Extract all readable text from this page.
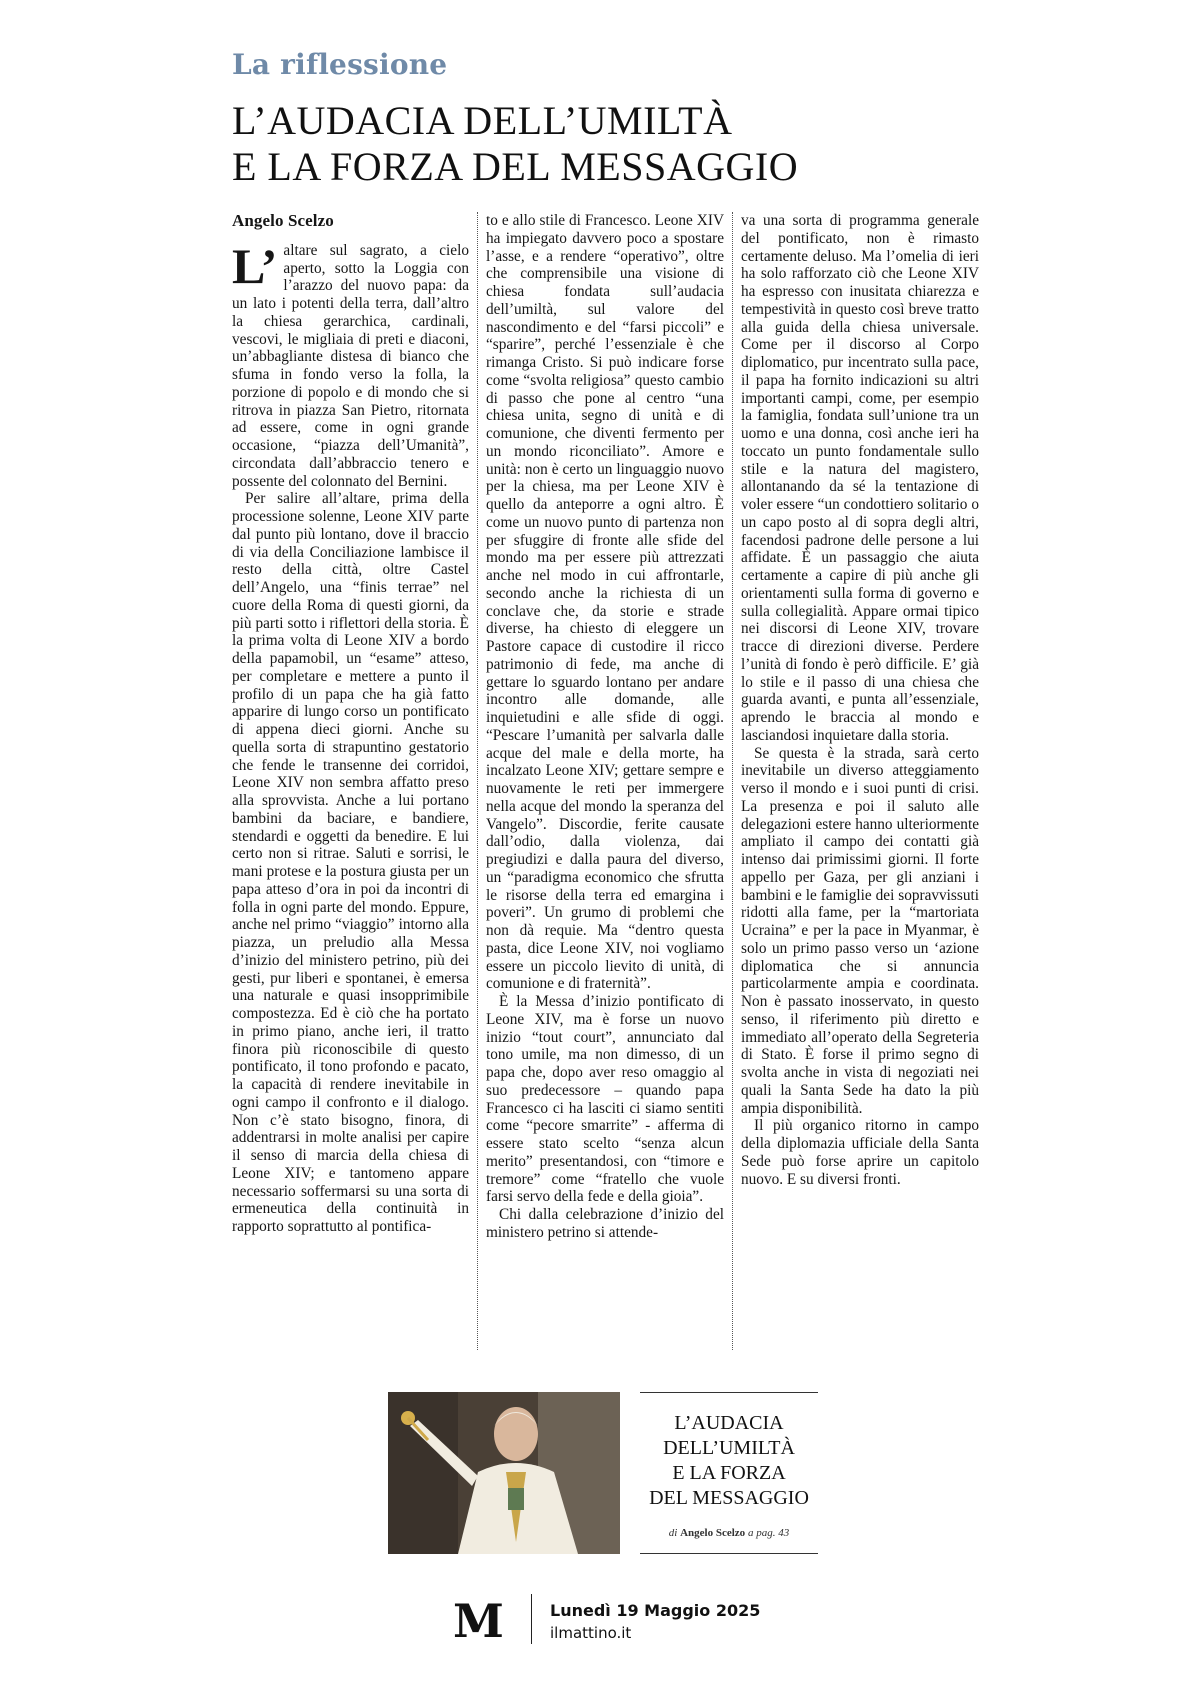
La riflessione
L’AUDACIA DELL’UMILTÀ
E LA FORZA DEL MESSAGGIO
Angelo Scelzo

L’ altare sul sagrato, a cielo aperto, sotto la Loggia con l’arazzo del nuovo papa: da un lato i potenti della terra, dall’altro la chiesa gerarchica, cardinali, vescovi, le migliaia di preti e diaconi, un’abbagliante distesa di bianco che sfuma in fondo verso la folla, la porzione di popolo e di mondo che si ritrova in piazza San Pietro, ritornata ad essere, come in ogni grande occasione, “piazza dell’Umanità”, circondata dall’abbraccio tenero e possente del colonnato del Bernini.

Per salire all’altare, prima della processione solenne, Leone XIV parte dal punto più lontano, dove il braccio di via della Conciliazione lambisce il resto della città, oltre Castel dell’Angelo, una “finis terrae” nel cuore della Roma di questi giorni, da più parti sotto i riflettori della storia. È la prima volta di Leone XIV a bordo della papamobil, un “esame” atteso, per completare e mettere a punto il profilo di un papa che ha già fatto apparire di lungo corso un pontificato di appena dieci giorni. Anche su quella sorta di strapuntino gestatorio che fende le transenne dei corridoi, Leone XIV non sembra affatto preso alla sprovvista. Anche a lui portano bambini da baciare, e bandiere, stendardi e oggetti da benedire. E lui certo non si ritrae. Saluti e sorrisi, le mani protese e la postura giusta per un papa atteso d’ora in poi da incontri di folla in ogni parte del mondo. Eppure, anche nel primo “viaggio” intorno alla piazza, un preludio alla Messa d’inizio del ministero petrino, più dei gesti, pur liberi e spontanei, è emersa una naturale e quasi insopprimibile compostezza. Ed è ciò che ha portato in primo piano, anche ieri, il tratto finora più riconoscibile di questo pontificato, il tono profondo e pacato, la capacità di rendere inevitabile in ogni campo il confronto e il dialogo. Non c’è stato bisogno, finora, di addentrarsi in molte analisi per capire il senso di marcia della chiesa di Leone XIV; e tantomeno appare necessario soffermarsi su una sorta di ermeneutica della continuità in rapporto soprattutto al pontifica-

to e allo stile di Francesco. Leone XIV ha impiegato davvero poco a spostare l’asse, e a rendere “operativo”, oltre che comprensibile una visione di chiesa fondata sull’audacia dell’umiltà, sul valore del nascondimento e del “farsi piccoli” e “sparire”, perché l’essenziale è che rimanga Cristo. Si può indicare forse come “svolta religiosa” questo cambio di passo che pone al centro “una chiesa unita, segno di unità e di comunione, che diventi fermento per un mondo riconciliato”. Amore e unità: non è certo un linguaggio nuovo per la chiesa, ma per Leone XIV è quello da anteporre a ogni altro. È come un nuovo punto di partenza non per sfuggire di fronte alle sfide del mondo ma per essere più attrezzati anche nel modo in cui affrontarle, secondo anche la richiesta di un conclave che, da storie e strade diverse, ha chiesto di eleggere un Pastore capace di custodire il ricco patrimonio di fede, ma anche di gettare lo sguardo lontano per andare incontro alle domande, alle inquietudini e alle sfide di oggi. “Pescare l’umanità per salvarla dalle acque del male e della morte, ha incalzato Leone XIV; gettare sempre e nuovamente le reti per immergere nella acque del mondo la speranza del Vangelo”. Discordie, ferite causate dall’odio, dalla violenza, dai pregiudizi e dalla paura del diverso, un “paradigma economico che sfrutta le risorse della terra ed emargina i poveri”. Un grumo di problemi che non dà requie. Ma “dentro questa pasta, dice Leone XIV, noi vogliamo essere un piccolo lievito di unità, di comunione e di fraternità”.

È la Messa d’inizio pontificato di Leone XIV, ma è forse un nuovo inizio “tout court”, annunciato dal tono umile, ma non dimesso, di un papa che, dopo aver reso omaggio al suo predecessore – quando papa Francesco ci ha lasciti ci siamo sentiti come “pecore smarrite” - afferma di essere stato scelto “senza alcun merito” presentandosi, con “timore e tremore” come “fratello che vuole farsi servo della fede e della gioia”.

Chi dalla celebrazione d’inizio del ministero petrino si attende-

va una sorta di programma generale del pontificato, non è rimasto certamente deluso. Ma l’omelia di ieri ha solo rafforzato ciò che Leone XIV ha espresso con inusitata chiarezza e tempestività in questo così breve tratto alla guida della chiesa universale. Come per il discorso al Corpo diplomatico, pur incentrato sulla pace, il papa ha fornito indicazioni su altri importanti campi, come, per esempio la famiglia, fondata sull’unione tra un uomo e una donna, così anche ieri ha toccato un punto fondamentale sullo stile e la natura del magistero, allontanando da sé la tentazione di voler essere “un condottiero solitario o un capo posto al di sopra degli altri, facendosi padrone delle persone a lui affidate. È un passaggio che aiuta certamente a capire di più anche gli orientamenti sulla forma di governo e sulla collegialità. Appare ormai tipico nei discorsi di Leone XIV, trovare tracce di direzioni diverse. Perdere l’unità di fondo è però difficile. E’ già lo stile e il passo di una chiesa che guarda avanti, e punta all’essenziale, aprendo le braccia al mondo e lasciandosi inquietare dalla storia.

Se questa è la strada, sarà certo inevitabile un diverso atteggiamento verso il mondo e i suoi punti di crisi. La presenza e poi il saluto alle delegazioni estere hanno ulteriormente ampliato il campo dei contatti già intenso dai primissimi giorni. Il forte appello per Gaza, per gli anziani i bambini e le famiglie dei sopravvissuti ridotti alla fame, per la “martoriata Ucraina” e per la pace in Myanmar, è solo un primo passo verso un ‘azione diplomatica che si annuncia particolarmente ampia e coordinata. Non è passato inosservato, in questo senso, il riferimento più diretto e immediato all’operato della Segreteria di Stato. È forse il primo segno di svolta anche in vista di negoziati nei quali la Santa Sede ha dato la più ampia disponibilità.

Il più organico ritorno in campo della diplomazia ufficiale della Santa Sede può forse aprire un capitolo nuovo. E su diversi fronti.

L’AUDACIA
DELL’UMILTÀ
E LA FORZA
DEL MESSAGGIO
di Angelo Scelzo a pag. 43
M	Lunedì 19 Maggio 2025
ilmattino.it
